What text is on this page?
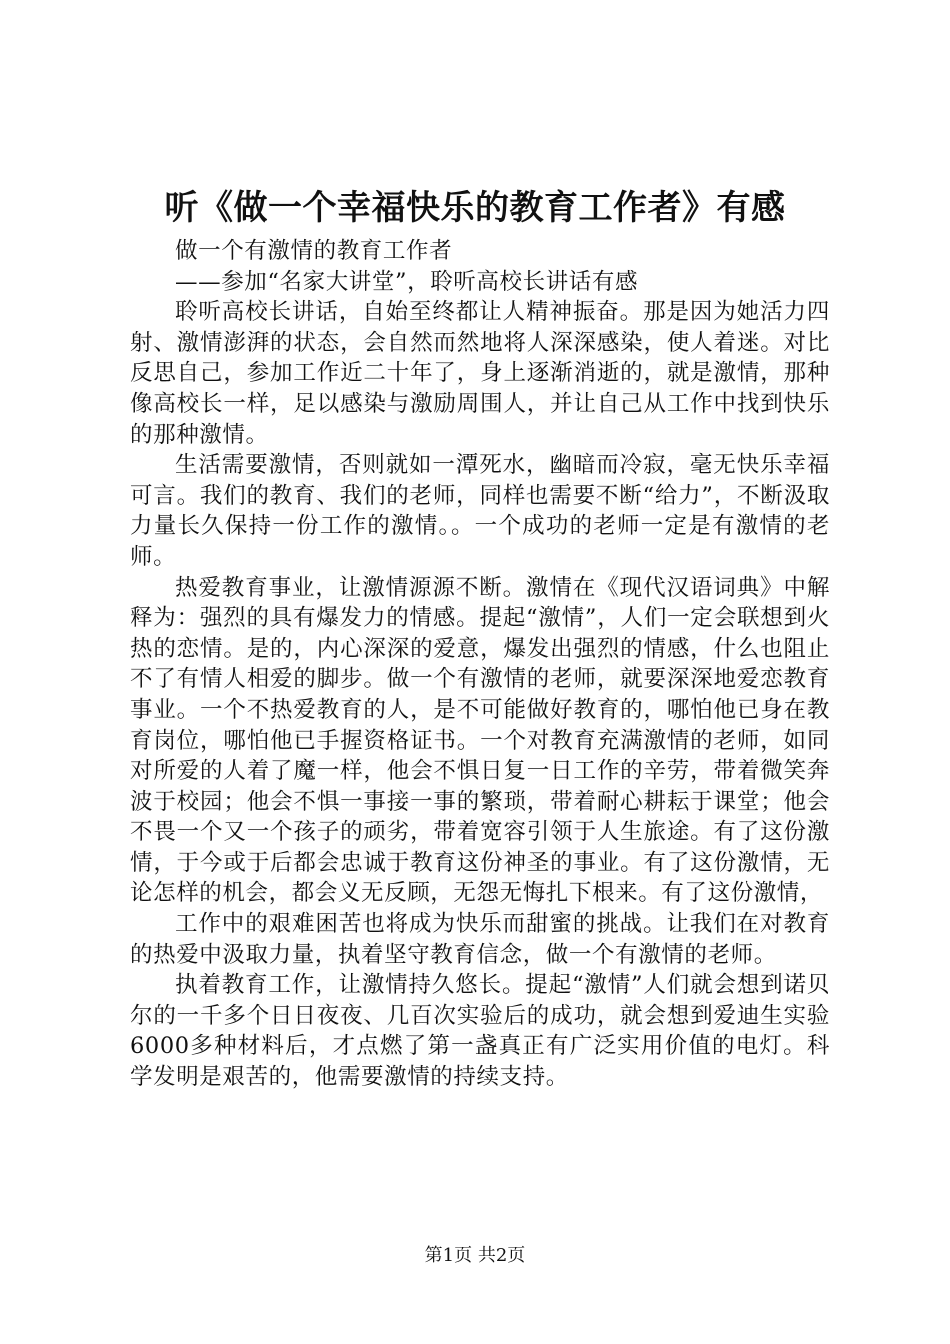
听《做一个幸福快乐的教育工作者》有感

做一个有激情的教育工作者

——参加“名家大讲堂”，聆听高校长讲话有感

聆听高校长讲话，自始至终都让人精神振奋。那是因为她活力四射、激情澎湃的状态，会自然而然地将人深深感染，使人着迷。对比反思自己，参加工作近二十年了，身上逐渐消逝的，就是激情，那种像高校长一样，足以感染与激励周围人，并让自己从工作中找到快乐的那种激情。

生活需要激情，否则就如一潭死水，幽暗而冷寂，毫无快乐幸福可言。我们的教育、我们的老师，同样也需要不断“给力”，不断汲取力量长久保持一份工作的激情。。一个成功的老师一定是有激情的老师。

热爱教育事业，让激情源源不断。激情在《现代汉语词典》中解释为：强烈的具有爆发力的情感。提起“激情”，人们一定会联想到火热的恋情。是的，内心深深的爱意，爆发出强烈的情感，什么也阻止不了有情人相爱的脚步。做一个有激情的老师，就要深深地爱恋教育事业。一个不热爱教育的人，是不可能做好教育的，哪怕他已身在教育岗位，哪怕他已手握资格证书。一个对教育充满激情的老师，如同对所爱的人着了魔一样，他会不惧日复一日工作的辛劳，带着微笑奔波于校园；他会不惧一事接一事的繁琐，带着耐心耕耘于课堂；他会不畏一个又一个孩子的顽劣，带着宽容引领于人生旅途。有了这份激情，于今或于后都会忠诚于教育这份神圣的事业。有了这份激情，无论怎样的机会，都会义无反顾，无怨无悔扎下根来。有了这份激情，

工作中的艰难困苦也将成为快乐而甜蜜的挑战。让我们在对教育的热爱中汲取力量，执着坚守教育信念，做一个有激情的老师。

执着教育工作，让激情持久悠长。提起“激情”人们就会想到诺贝尔的一千多个日日夜夜、几百次实验后的成功，就会想到爱迪生实验6000多种材料后，才点燃了第一盏真正有广泛实用价值的电灯。科学发明是艰苦的，他需要激情的持续支持。

第1页 共2页
